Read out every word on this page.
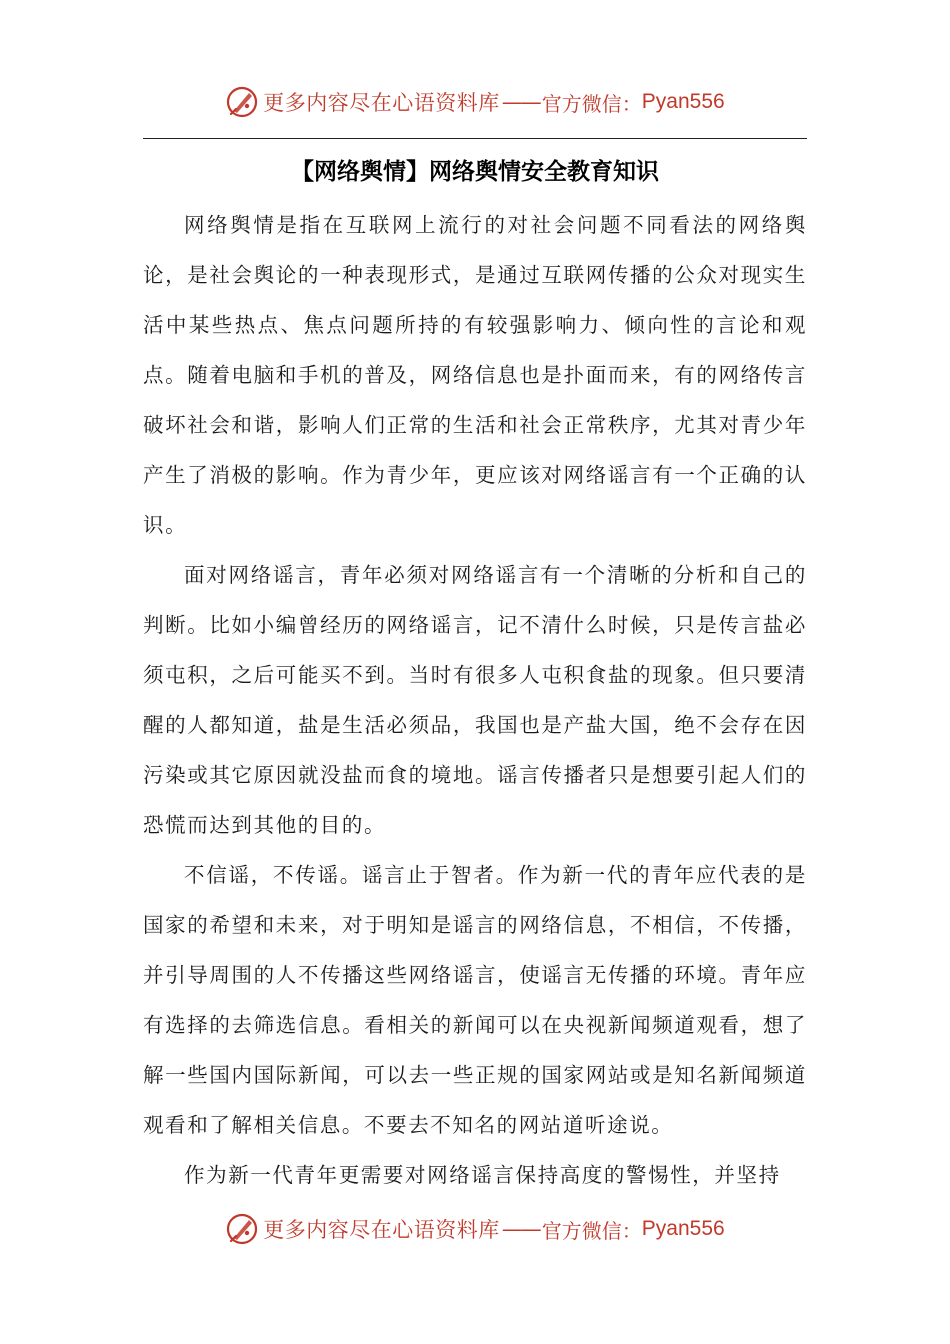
更多内容尽在心语资料库 —— 官方微信： Pyan556
【网络舆情】网络舆情安全教育知识

网络舆情是指在互联网上流行的对社会问题不同看法的网络舆论，是社会舆论的一种表现形式，是通过互联网传播的公众对现实生活中某些热点、焦点问题所持的有较强影响力、倾向性的言论和观点。随着电脑和手机的普及，网络信息也是扑面而来，有的网络传言破坏社会和谐，影响人们正常的生活和社会正常秩序，尤其对青少年产生了消极的影响。作为青少年，更应该对网络谣言有一个正确的认识。

面对网络谣言，青年必须对网络谣言有一个清晰的分析和自己的判断。比如小编曾经历的网络谣言，记不清什么时候，只是传言盐必须屯积，之后可能买不到。当时有很多人屯积食盐的现象。但只要清醒的人都知道，盐是生活必须品，我国也是产盐大国，绝不会存在因污染或其它原因就没盐而食的境地。谣言传播者只是想要引起人们的恐慌而达到其他的目的。

不信谣，不传谣。谣言止于智者。作为新一代的青年应代表的是国家的希望和未来，对于明知是谣言的网络信息，不相信，不传播，并引导周围的人不传播这些网络谣言，使谣言无传播的环境。青年应有选择的去筛选信息。看相关的新闻可以在央视新闻频道观看，想了解一些国内国际新闻，可以去一些正规的国家网站或是知名新闻频道观看和了解相关信息。不要去不知名的网站道听途说。

作为新一代青年更需要对网络谣言保持高度的警惕性，并坚持

更多内容尽在心语资料库 —— 官方微信： Pyan556
